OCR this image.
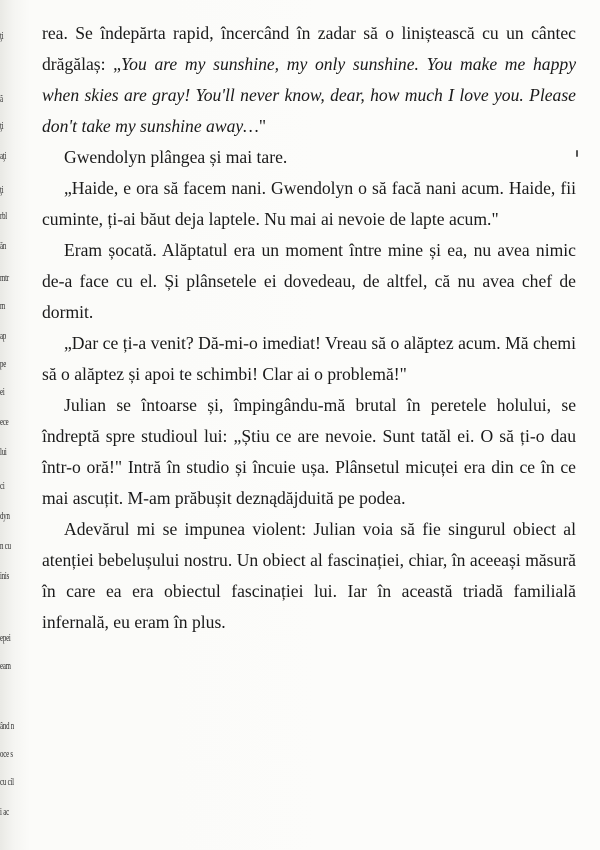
ţi
ã
ţi
aţi
ţi
rbl
ăn
mtr
m
ap
pe
ei
ece
lui
ci
dyn
n cu
inis
epei
eam
ând n
oce s
cu cil
i ac

rea. Se îndepărta rapid, încercând în zadar să o liniștească cu un cântec drăgălaș: „You are my sunshine, my only sunshine. You make me happy when skies are gray! You'll never know, dear, how much I love you. Please don't take my sunshine away…"

Gwendolyn plângea și mai tare.

„Haide, e ora să facem nani. Gwendolyn o să facă nani acum. Haide, fii cuminte, ți-ai băut deja laptele. Nu mai ai nevoie de lapte acum."

Eram șocată. Alăptatul era un moment între mine și ea, nu avea nimic de-a face cu el. Și plânsetele ei dovedeau, de altfel, că nu avea chef de dormit.

„Dar ce ți-a venit? Dă-mi-o imediat! Vreau să o alăptez acum. Mă chemi să o alăptez și apoi te schimbi! Clar ai o problemă!"

Julian se întoarse și, împingându-mă brutal în peretele holului, se îndreptă spre studioul lui: „Știu ce are nevoie. Sunt tatăl ei. O să ți-o dau într-o oră!" Intră în studio și încuie ușa. Plânsetul micuței era din ce în ce mai ascuțit. M-am prăbușit deznądăjduită pe podea.

Adevărul mi se impunea violent: Julian voia să fie singurul obiect al atenției bebelușului nostru. Un obiect al fascinației, chiar, în aceeași măsură în care ea era obiectul fascinației lui. Iar în această triadă familială infernală, eu eram în plus.
